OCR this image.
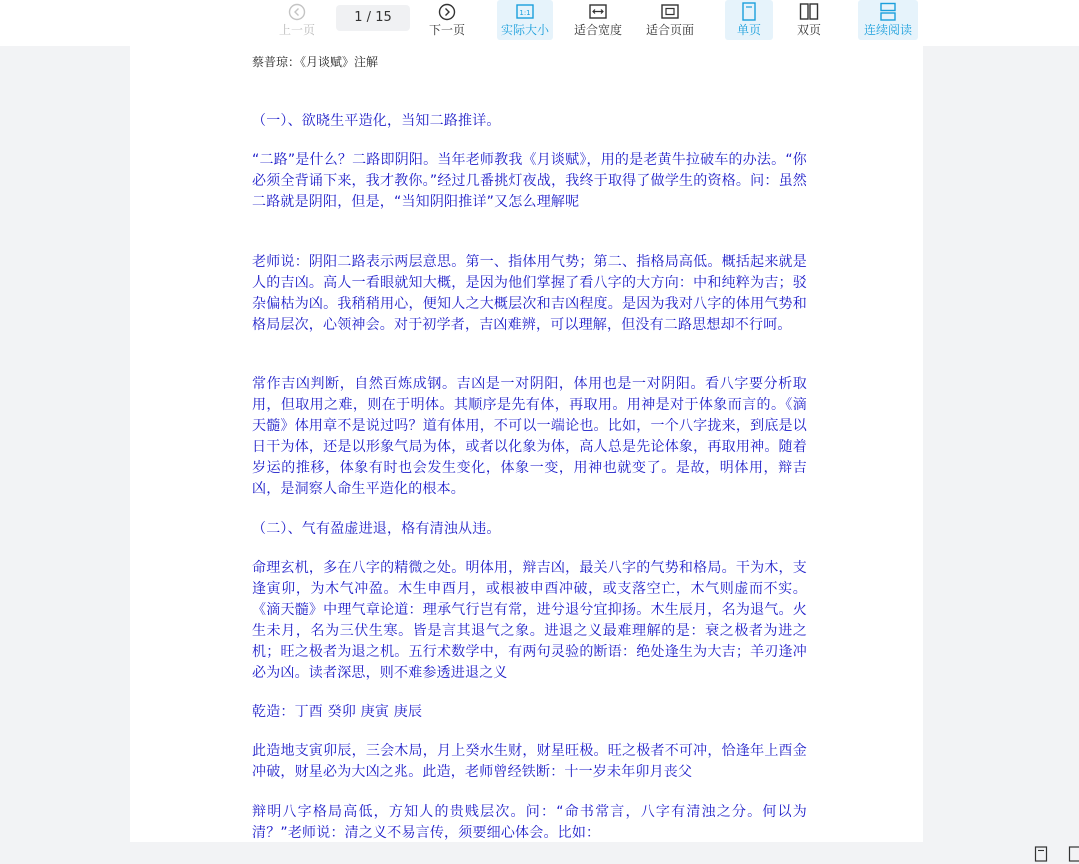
上一页
1 / 15
下一页
1:1
实际大小	适合宽度	适合页面	单页	双页	连续阅读
蔡普琼：《月谈赋》注解
（一）、欲晓生平造化，当知二路推详。
“二路”是什么？二路即阴阳。当年老师教我《月谈赋》，用的是老黄牛拉破车的办法。“你必须全背诵下来，我才教你。”经过几番挑灯夜战，我终于取得了做学生的资格。问：虽然二路就是阴阳，但是，“当知阴阳推详”又怎么理解呢
老师说：阴阳二路表示两层意思。第一、指体用气势；第二、指格局高低。概括起来就是人的吉凶。高人一看眼就知大概，是因为他们掌握了看八字的大方向：中和纯粹为吉；驳杂偏枯为凶。我稍稍用心，便知人之大概层次和吉凶程度。是因为我对八字的体用气势和格局层次，心领神会。对于初学者，吉凶难辨，可以理解，但没有二路思想却不行呵。
常作吉凶判断，自然百炼成钢。吉凶是一对阴阳，体用也是一对阴阳。看八字要分析取用，但取用之难，则在于明体。其顺序是先有体，再取用。用神是对于体象而言的。《滴天髓》体用章不是说过吗？道有体用，不可以一端论也。比如，一个八字拢来，到底是以日干为体，还是以形象气局为体，或者以化象为体，高人总是先论体象，再取用神。随着岁运的推移，体象有时也会发生变化，体象一变，用神也就变了。是故，明体用，辩吉凶，是洞察人命生平造化的根本。
（二）、气有盈虚进退，格有清浊从违。
命理玄机，多在八字的精微之处。明体用，辩吉凶，最关八字的气势和格局。干为木，支逢寅卯，为木气冲盈。木生申酉月，或根被申酉冲破，或支落空亡，木气则虚而不实。《滴天髓》中理气章论道：理承气行岂有常，进兮退兮宜抑扬。木生辰月，名为退气。火生未月，名为三伏生寒。皆是言其退气之象。进退之义最难理解的是：衰之极者为进之机；旺之极者为退之机。五行术数学中，有两句灵验的断语：绝处逢生为大吉；羊刃逢冲必为凶。读者深思，则不难参透进退之义
乾造：丁酉 癸卯 庚寅 庚辰
此造地支寅卯辰，三会木局，月上癸水生财，财星旺极。旺之极者不可冲，恰逢年上酉金冲破，财星必为大凶之兆。此造，老师曾经铁断：十一岁未年卯月丧父
辩明八字格局高低，方知人的贵贱层次。问：“命书常言，八字有清浊之分。何以为清？”老师说：清之义不易言传，须要细心体会。比如：
